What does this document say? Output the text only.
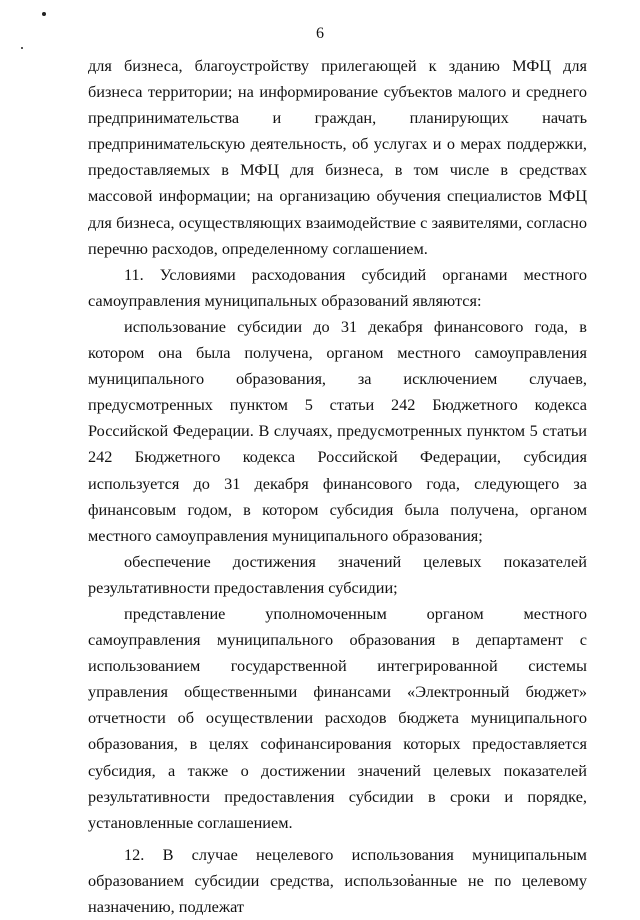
6

для бизнеса, благоустройству прилегающей к зданию МФЦ для бизнеса территории; на информирование субъектов малого и среднего предпринимательства и граждан, планирующих начать предпринимательскую деятельность, об услугах и о мерах поддержки, предоставляемых в МФЦ для бизнеса, в том числе в средствах массовой информации; на организацию обучения специалистов МФЦ для бизнеса, осуществляющих взаимодействие с заявителями, согласно перечню расходов, определенному соглашением.

11. Условиями расходования субсидий органами местного самоуправления муниципальных образований являются:

использование субсидии до 31 декабря финансового года, в котором она была получена, органом местного самоуправления муниципального образования, за исключением случаев, предусмотренных пунктом 5 статьи 242 Бюджетного кодекса Российской Федерации. В случаях, предусмотренных пунктом 5 статьи 242 Бюджетного кодекса Российской Федерации, субсидия используется до 31 декабря финансового года, следующего за финансовым годом, в котором субсидия была получена, органом местного самоуправления муниципального образования;

обеспечение достижения значений целевых показателей результативности предоставления субсидии;

представление уполномоченным органом местного самоуправления муниципального образования в департамент с использованием государственной интегрированной системы управления общественными финансами «Электронный бюджет» отчетности об осуществлении расходов бюджета муниципального образования, в целях софинансирования которых предоставляется субсидия, а также о достижении значений целевых показателей результативности предоставления субсидии в сроки и порядке, установленные соглашением.

12. В случае нецелевого использования муниципальным образованием субсидии средства, использованные не по целевому назначению, подлежат
